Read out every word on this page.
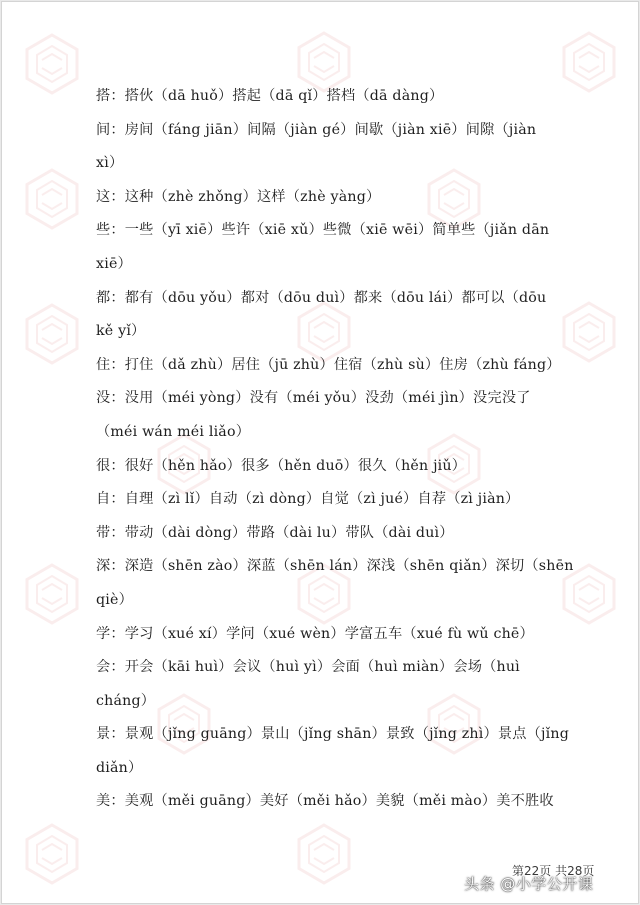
搭：搭伙（dā huǒ）搭起（dā qǐ）搭档（dā dàng）
间：房间（fáng jiān）间隔（jiàn gé）间歇（jiàn xiē）间隙（jiàn
xì）
这：这种（zhè zhǒng）这样（zhè yàng）
些：一些（yī xiē）些许（xiē xǔ）些微（xiē wēi）简单些（jiǎn dān
xiē）
都：都有（dōu yǒu）都对（dōu duì）都来（dōu lái）都可以（dōu
kě yǐ）
住：打住（dǎ zhù）居住（jū zhù）住宿（zhù sù）住房（zhù fáng）
没：没用（méi yòng）没有（méi yǒu）没劲（méi jìn）没完没了
（méi wán méi liǎo）
很：很好（hěn hǎo）很多（hěn duō）很久（hěn jiǔ）
自：自理（zì lǐ）自动（zì dòng）自觉（zì jué）自荐（zì jiàn）
带：带动（dài dòng）带路（dài lu）带队（dài duì）
深：深造（shēn zào）深蓝（shēn lán）深浅（shēn qiǎn）深切（shēn
qiè）
学：学习（xué xí）学问（xué wèn）学富五车（xué fù wǔ chē）
会：开会（kāi huì）会议（huì yì）会面（huì miàn）会场（huì
cháng）
景：景观（jǐng guāng）景山（jǐng shān）景致（jǐng zhì）景点（jǐng
diǎn）
美：美观（měi guāng）美好（měi hǎo）美貌（měi mào）美不胜收
第22页 共28页
头条 @小学公开课
